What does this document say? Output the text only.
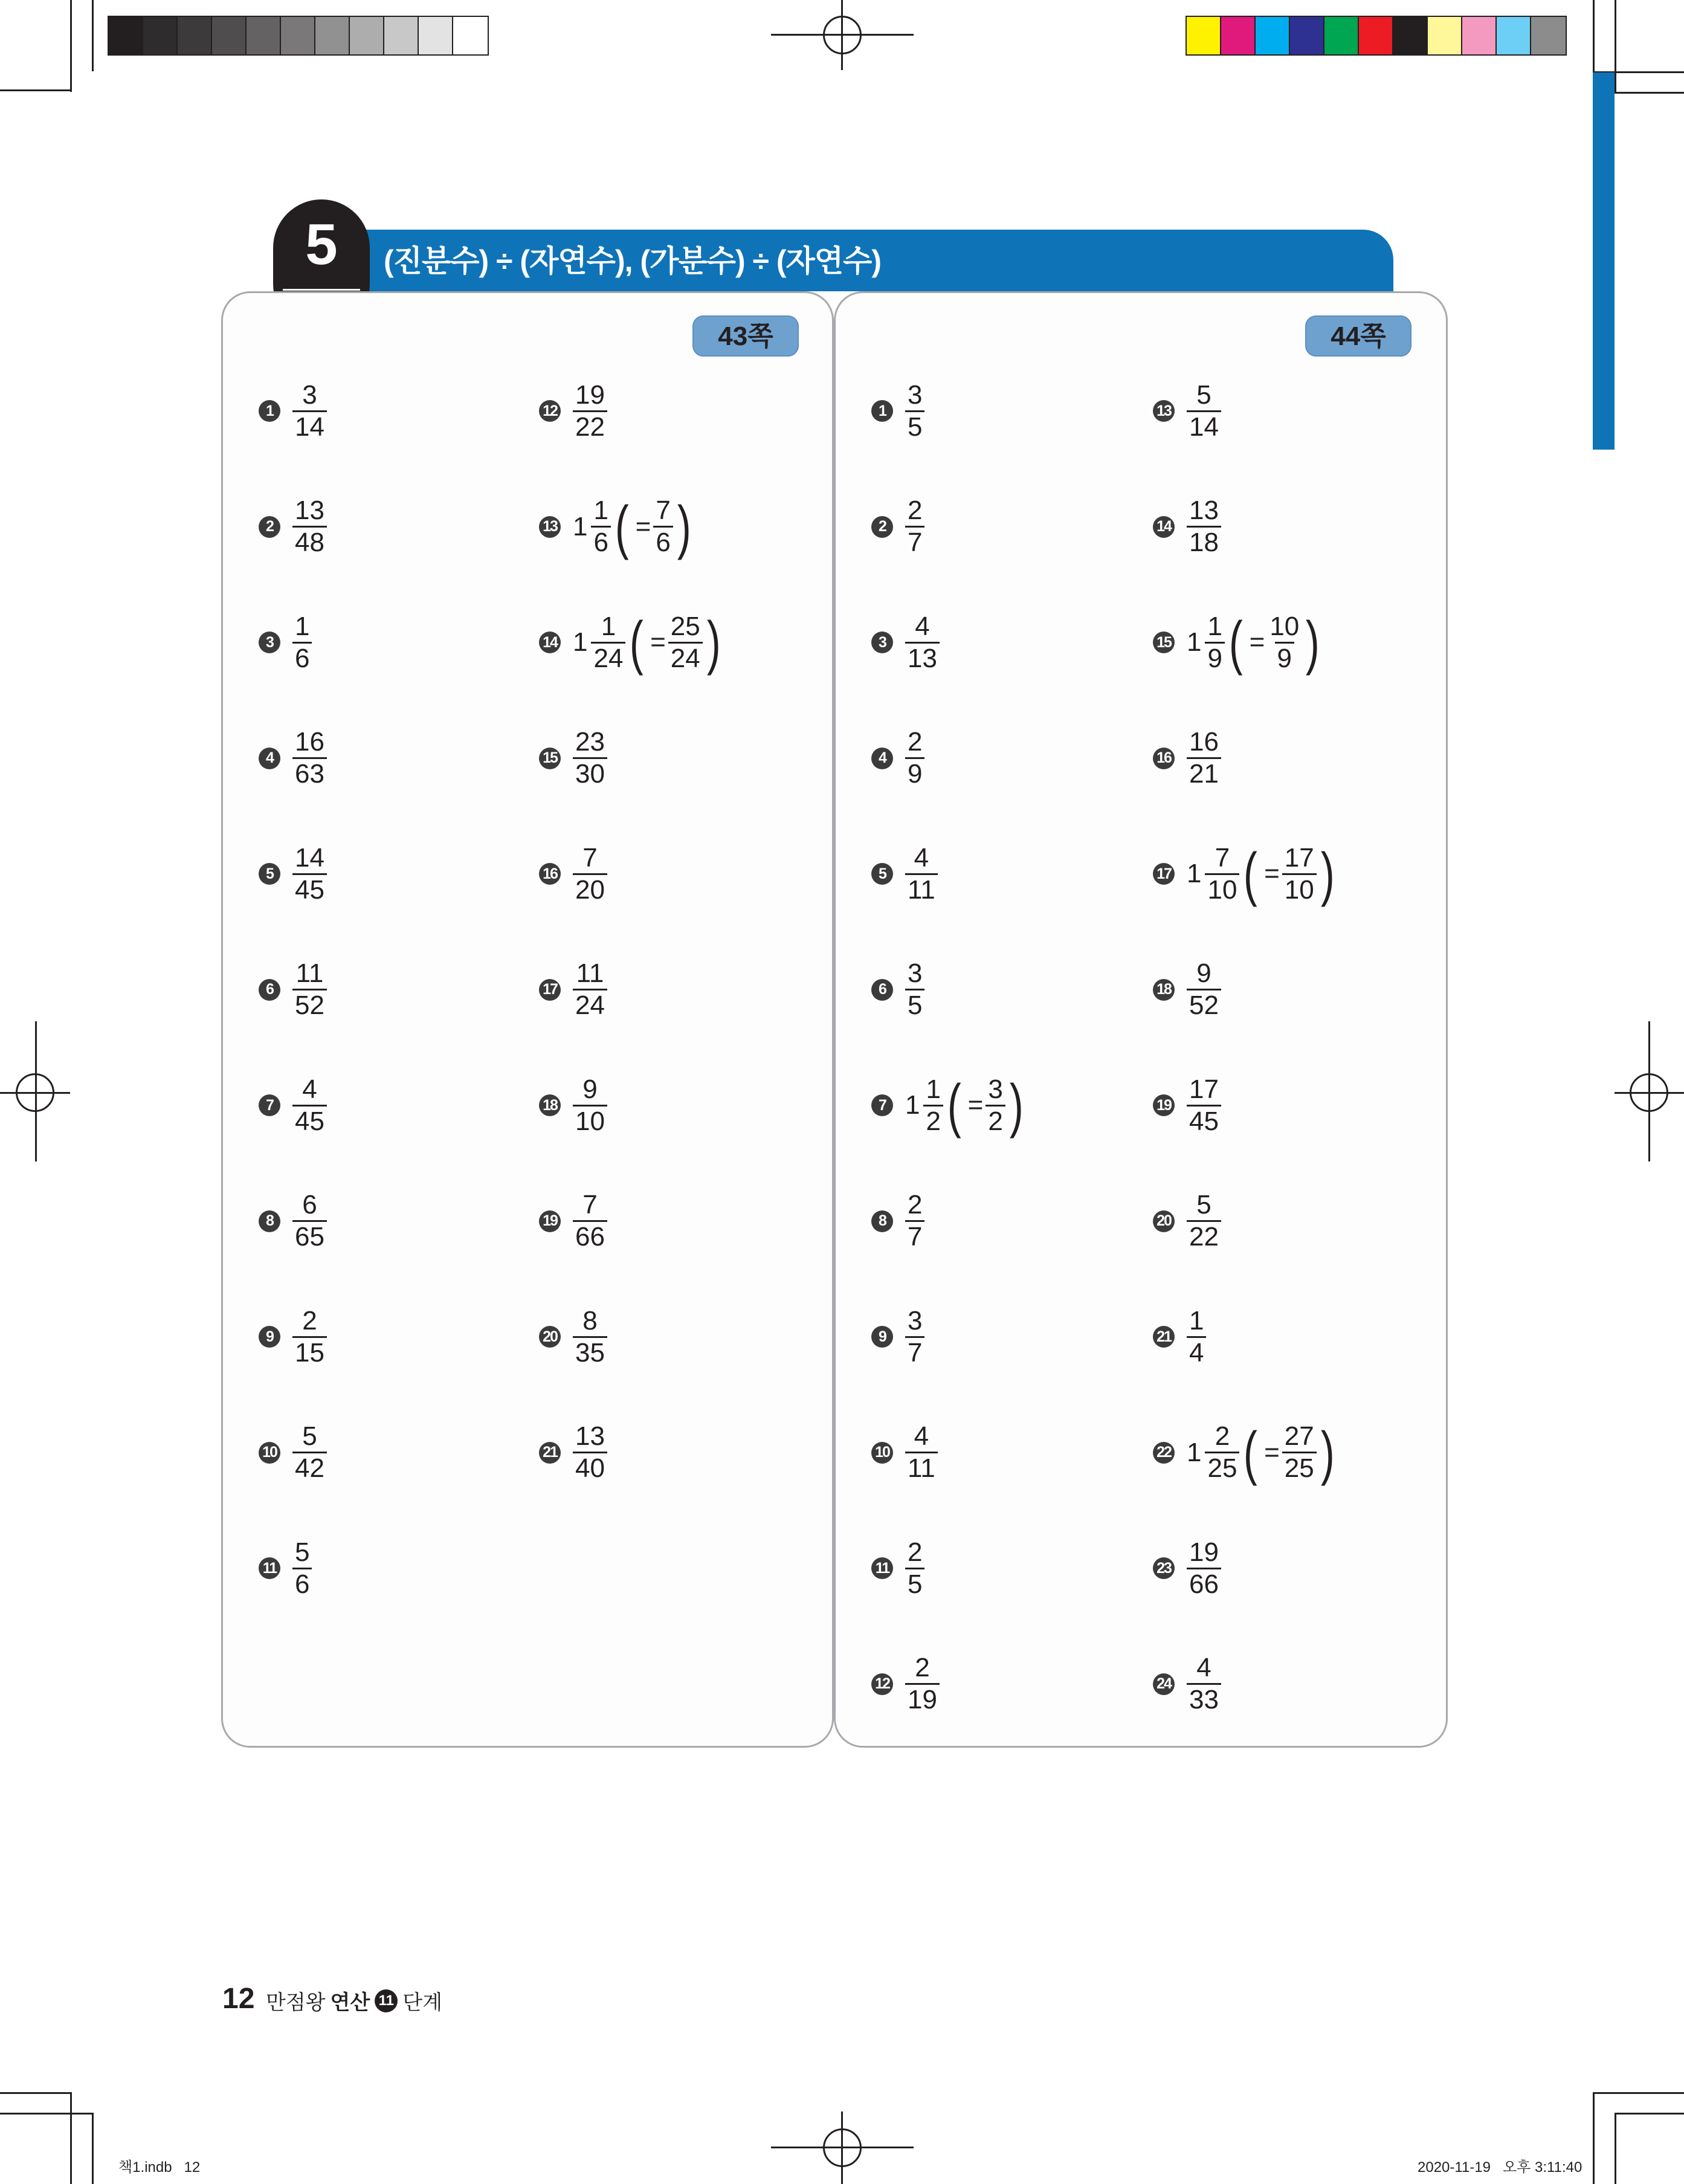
(진분수) ÷ (자연수), (가분수) ÷ (자연수)
5
43쪽	44쪽
$1 \frac{3}{14}$
$2 \frac{13}{48}$
$3 \frac{1}{6}$
$4 \frac{16}{63}$
$5 \frac{14}{45}$
$6 \frac{11}{52}$
$7 \frac{4}{45}$
$8 \frac{6}{65}$
$9 \frac{2}{15}$
$10 \frac{5}{42}$
$11 \frac{5}{6}$
$12 \frac{19}{22}$
13 $1 \frac{1}{6}$ ( = $\frac{7}{6}$ )
14 $1 \frac{1}{24}$ ( = $\frac{25}{24}$ )
$15 \frac{23}{30}$
$16 \frac{7}{20}$
$17 \frac{11}{24}$
$18 \frac{9}{10}$
$19 \frac{7}{66}$
$20 \frac{8}{35}$
$21 \frac{13}{40}$
$1 \frac{3}{5}$
$2 \frac{2}{7}$
$3 \frac{4}{13}$
$4 \frac{2}{9}$
$5 \frac{4}{11}$
$6 \frac{3}{5}$
7 $1 \frac{1}{2}$ ( = $\frac{3}{2}$ )
$8 \frac{2}{7}$
$9 \frac{3}{7}$
$10 \frac{4}{11}$
$11 \frac{2}{5}$
$12 \frac{2}{19}$
$13 \frac{5}{14}$
$14 \frac{13}{18}$
15 $1 \frac{1}{9}$ ( = $\frac{10}{9}$ )
$16 \frac{16}{21}$
17 $1 \frac{7}{10}$ ( = $\frac{17}{10}$ )
$18 \frac{9}{52}$
$19 \frac{17}{45}$
$20 \frac{5}{22}$
$21 \frac{1}{4}$
22 $1 \frac{2}{25}$ ( = $\frac{27}{25}$ )
$23 \frac{19}{66}$
$24 \frac{4}{33}$
12 만점왕 연산 11 단계
책1.indb   12	2020-11-19   오후 3:11:40
